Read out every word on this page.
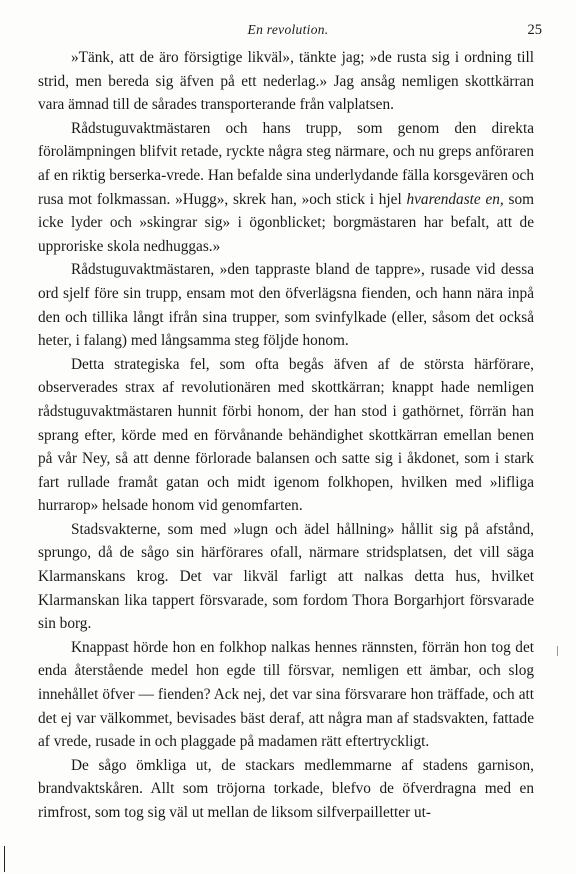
En revolution.	25

»Tänk, att de äro försigtige likväl», tänkte jag; »de rusta sig i ordning till strid, men bereda sig äfven på ett nederlag.» Jag ansåg nemligen skottkärran vara ämnad till de sårades transporterande från valplatsen.

Rådstuguvaktmästaren och hans trupp, som genom den direkta förolämpningen blifvit retade, ryckte några steg närmare, och nu greps anföraren af en riktig berserka-vrede. Han befalde sina underlydande fälla korsgevären och rusa mot folkmassan. »Hugg», skrek han, »och stick i hjel hvarendaste en, som icke lyder och »skingrar sig» i ögonblicket; borgmästaren har befalt, att de upproriske skola nedhuggas.»

Rådstuguvaktmästaren, »den tappraste bland de tappre», rusade vid dessa ord sjelf före sin trupp, ensam mot den öfverlägsna fienden, och hann nära inpå den och tillika långt ifrån sina trupper, som svinfylkade (eller, såsom det också heter, i falang) med långsamma steg följde honom.

Detta strategiska fel, som ofta begås äfven af de största härförare, observerades strax af revolutionären med skottkärran; knappt hade nemligen rådstuguvaktmästaren hunnit förbi honom, der han stod i gathörnet, förrän han sprang efter, körde med en förvånande behändighet skottkärran emellan benen på vår Ney, så att denne förlorade balansen och satte sig i åkdonet, som i stark fart rullade framåt gatan och midt igenom folkhopen, hvilken med »lifliga hurrarop» helsade honom vid genomfarten.

Stadsvakterne, som med »lugn och ädel hållning» hållit sig på afstånd, sprungo, då de sågo sin härförares ofall, närmare stridsplatsen, det vill säga Klarmanskans krog. Det var likväl farligt att nalkas detta hus, hvilket Klarmanskan lika tappert försvarade, som fordom Thora Borgarhjort försvarade sin borg.

Knappast hörde hon en folkhop nalkas hennes rännsten, förrän hon tog det enda återstående medel hon egde till försvar, nemligen ett ämbar, och slog innehållet öfver — fienden? Ack nej, det var sina försvarare hon träffade, och att det ej var välkommet, bevisades bäst deraf, att några man af stadsvakten, fattade af vrede, rusade in och plaggade på madamen rätt eftertryckligt.

De sågo ömkliga ut, de stackars medlemmarne af stadens garnison, brandvaktskåren. Allt som tröjorna torkade, blefvo de öfverdragna med en rimfrost, som tog sig väl ut mellan de liksom silfverpailletter ut-
